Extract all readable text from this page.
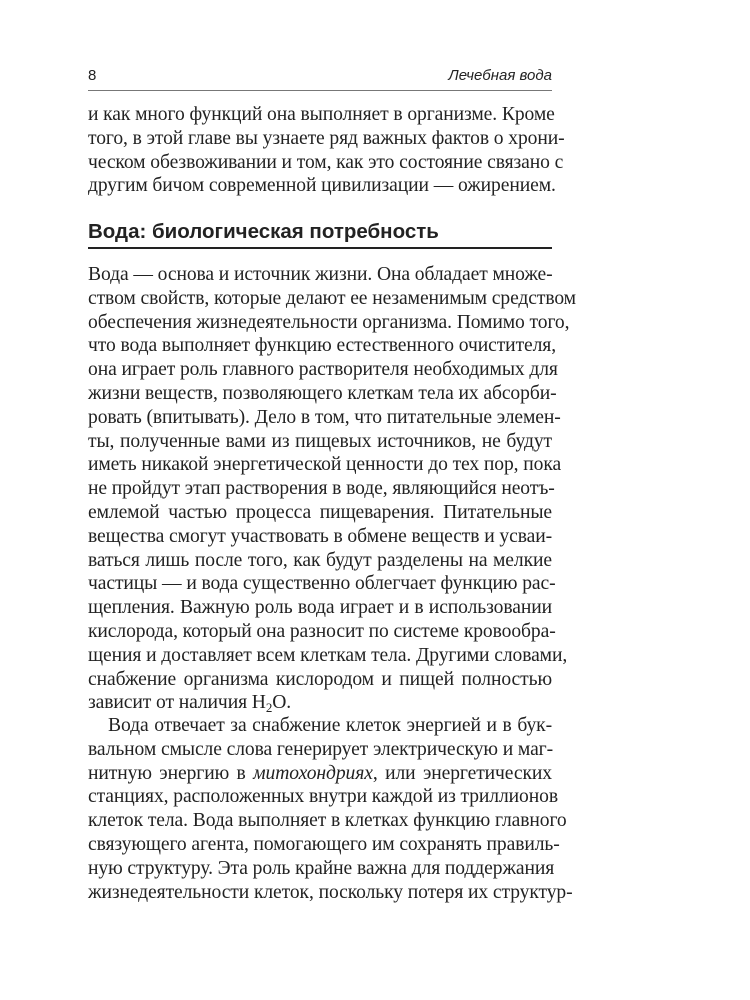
8	Лечебная вода
и как много функций она выполняет в организме. Кроме
того, в этой главе вы узнаете ряд важных фактов о хрони-
ческом обезвоживании и том, как это состояние связано с
другим бичом современной цивилизации — ожирением.
Вода: биологическая потребность
Вода — основа и источник жизни. Она обладает множе-
ством свойств, которые делают ее незаменимым средством
обеспечения жизнедеятельности организма. Помимо того,
что вода выполняет функцию естественного очистителя,
она играет роль главного растворителя необходимых для
жизни веществ, позволяющего клеткам тела их абсорби-
ровать (впитывать). Дело в том, что питательные элемен-
ты, полученные вами из пищевых источников, не будут
иметь никакой энергетической ценности до тех пор, пока
не пройдут этап растворения в воде, являющийся неотъ-
емлемой частью процесса пищеварения. Питательные
вещества смогут участвовать в обмене веществ и усваи-
ваться лишь после того, как будут разделены на мелкие
частицы — и вода существенно облегчает функцию рас-
щепления. Важную роль вода играет и в использовании
кислорода, который она разносит по системе кровообра-
щения и доставляет всем клеткам тела. Другими словами,
снабжение организма кислородом и пищей полностью
зависит от наличия $H_2O$.
Вода отвечает за снабжение клеток энергией и в бук-
вальном смысле слова генерирует электрическую и маг-
нитную энергию в митохондриях, или энергетических
станциях, расположенных внутри каждой из триллионов
клеток тела. Вода выполняет в клетках функцию главного
связующего агента, помогающего им сохранять правиль-
ную структуру. Эта роль крайне важна для поддержания
жизнедеятельности клеток, поскольку потеря их структур-
